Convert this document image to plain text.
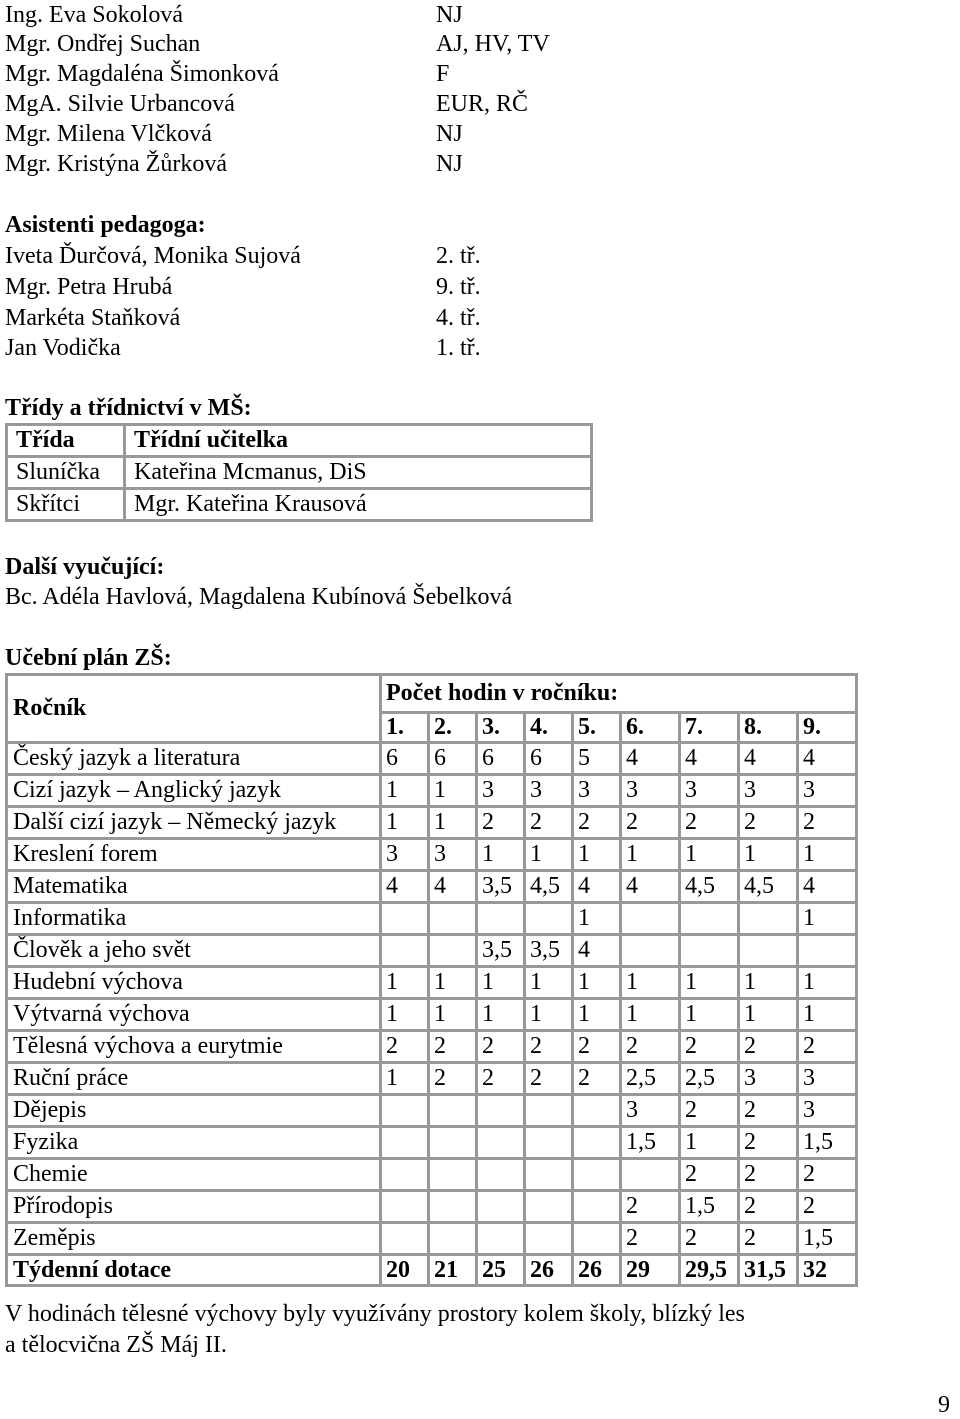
Ing. Eva Sokolová	NJ
Mgr. Ondřej Suchan	AJ, HV, TV
Mgr. Magdaléna Šimonková	F
MgA. Silvie Urbancová	EUR, RČ
Mgr. Milena Vlčková	NJ
Mgr. Kristýna Žůrková	NJ
Asistenti pedagoga:
Iveta Ďurčová, Monika Sujová	2. tř.
Mgr. Petra Hrubá	9. tř.
Markéta Staňková	4. tř.
Jan Vodička	1. tř.
Třídy a třídnictví v MŠ:
Třída	Třídní učitelka
Sluníčka	Kateřina Mcmanus, DiS
Skřítci	Mgr. Kateřina Krausová
Další vyučující:
Bc. Adéla Havlová, Magdalena Kubínová Šebelková
Učební plán ZŠ:
Ročník	Počet hodin v ročníku:								
	1.	2.	3.	4.	5.	6.	7.	8.	9.
Český jazyk a literatura	6	6	6	6	5	4	4	4	4
Cizí jazyk – Anglický jazyk	1	1	3	3	3	3	3	3	3
Další cizí jazyk – Německý jazyk	1	1	2	2	2	2	2	2	2
Kreslení forem	3	3	1	1	1	1	1	1	1
Matematika	4	4	3,5	4,5	4	4	4,5	4,5	4
Informatika					1				1
Člověk a jeho svět			3,5	3,5	4				
Hudební výchova	1	1	1	1	1	1	1	1	1
Výtvarná výchova	1	1	1	1	1	1	1	1	1
Tělesná výchova a eurytmie	2	2	2	2	2	2	2	2	2
Ruční práce	1	2	2	2	2	2,5	2,5	3	3
Dějepis						3	2	2	3
Fyzika						1,5	1	2	1,5
Chemie							2	2	2
Přírodopis						2	1,5	2	2
Zeměpis						2	2	2	1,5
Týdenní dotace	20	21	25	26	26	29	29,5	31,5	32
V hodinách tělesné výchovy byly využívány prostory kolem školy, blízký les
a tělocvična ZŠ Máj II.
9
